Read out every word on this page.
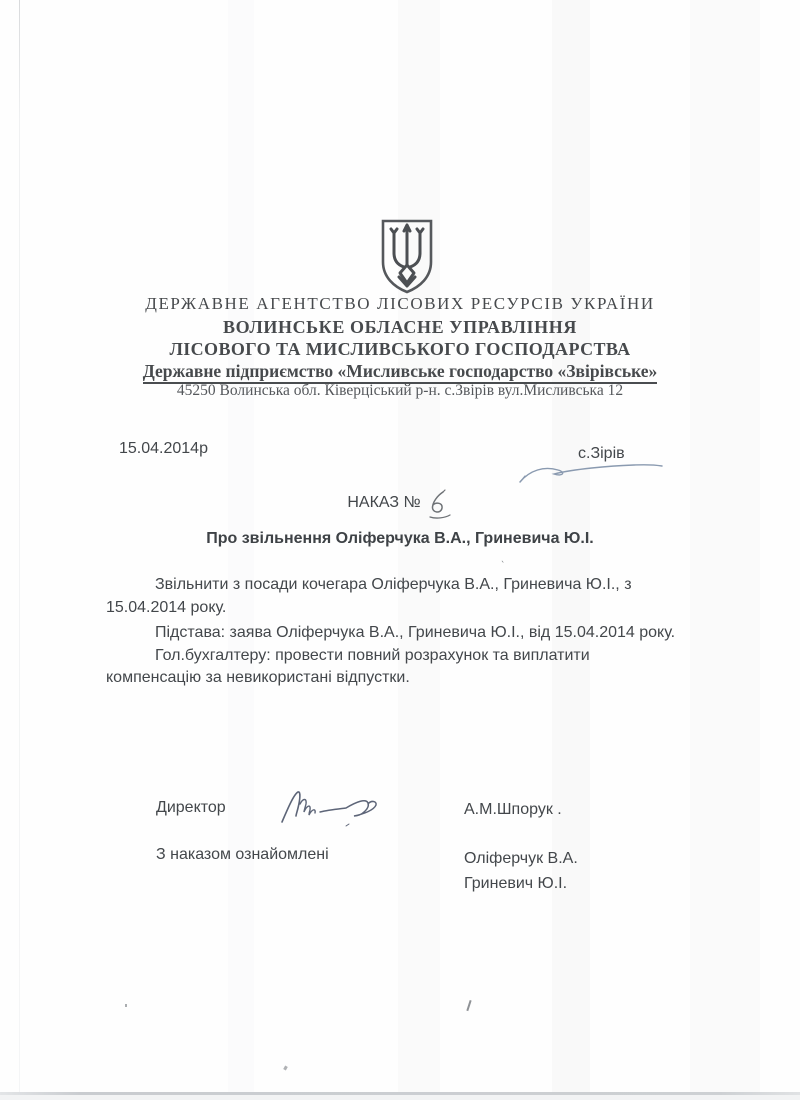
ДЕРЖАВНЕ АГЕНТСТВО ЛІСОВИХ РЕСУРСІВ УКРАЇНИ
ВОЛИНСЬКЕ ОБЛАСНЕ УПРАВЛІННЯ
ЛІСОВОГО ТА МИСЛИВСЬКОГО ГОСПОДАРСТВА
Державне підприємство «Мисливське господарство «Звірівське»
45250 Волинська обл. Ківерціський р-н. с.Звірів вул.Мисливська 12
15.04.2014р	с.Зірів
НАКАЗ №
Про звільнення Оліферчука В.А., Гриневича Ю.І.
Звільнити з посади кочегара Оліферчука В.А., Гриневича Ю.І., з
15.04.2014 року.
Підстава: заява Оліферчука В.А., Гриневича Ю.І., від 15.04.2014 року.
Гол.бухгалтеру: провести повний розрахунок та виплатити
компенсацію за невикористані відпустки.
Директор	А.М.Шпорук .
З наказом ознайомлені	Оліферчук В.А.
Гриневич Ю.І.
`
